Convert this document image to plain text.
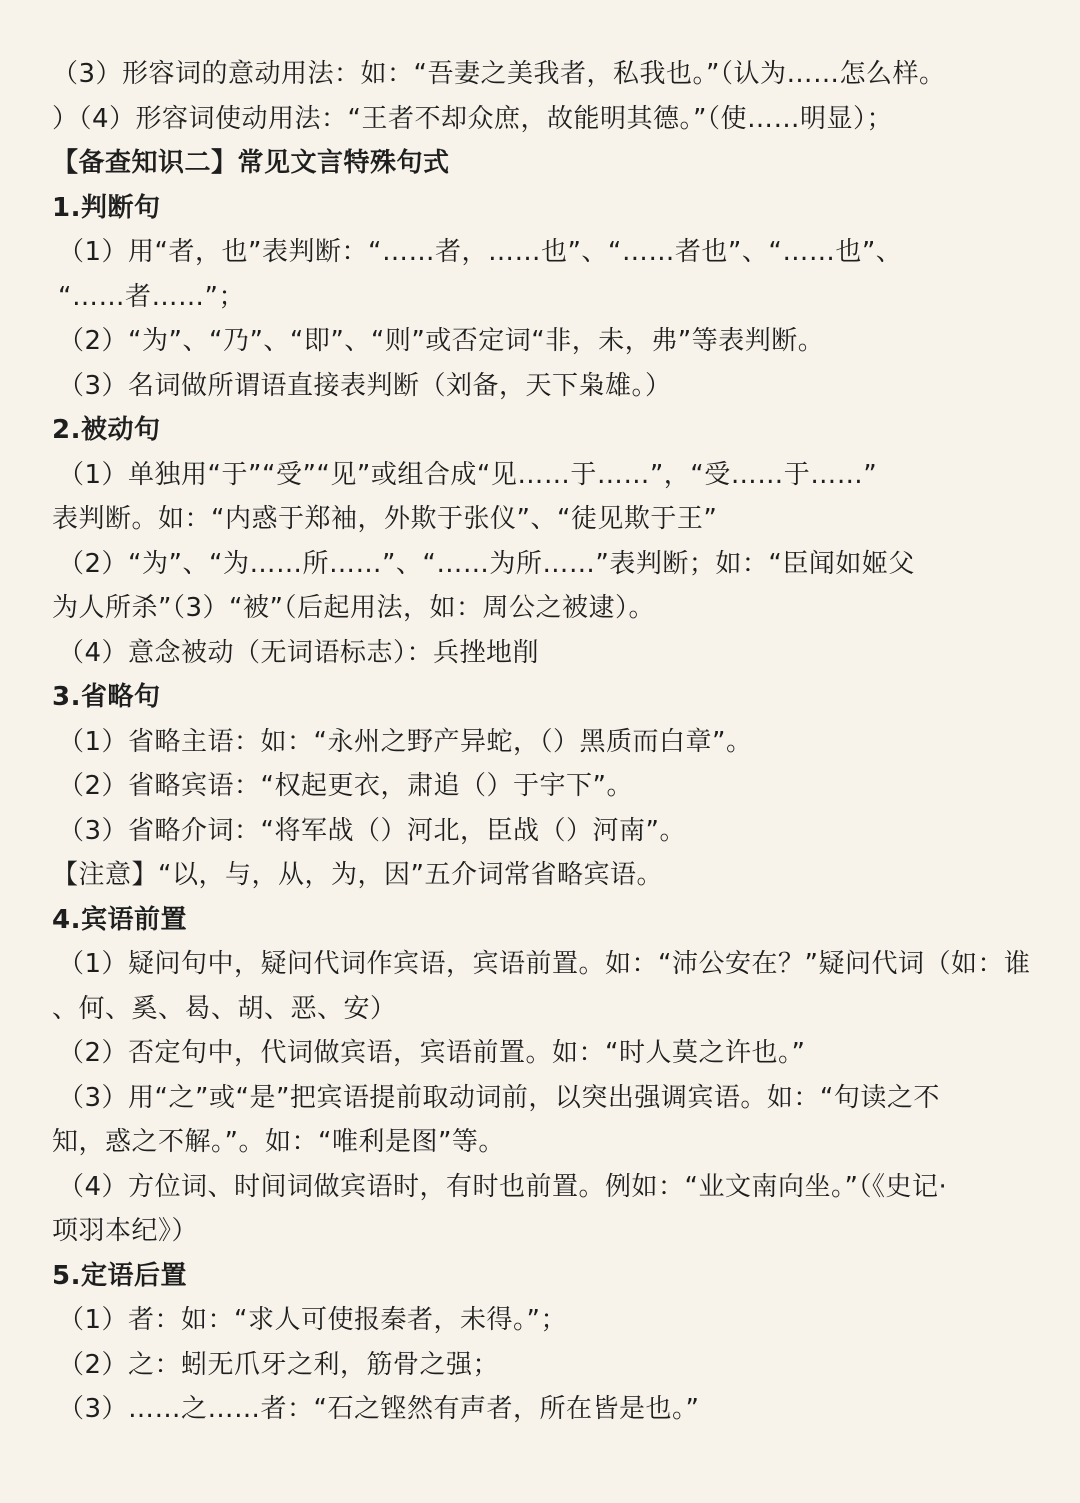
（3）形容词的意动用法：如：“吾妻之美我者，私我也。”（认为……怎么样。
）（4）形容词使动用法：“王者不却众庶，故能明其德。”（使……明显）；
【备查知识二】常见文言特殊句式
1.判断句
（1）用“者，也”表判断：“……者，……也”、“……者也”、“……也”、
“……者……”；
（2）“为”、“乃”、“即”、“则”或否定词“非，未，弗”等表判断。
（3）名词做所谓语直接表判断（刘备，天下枭雄。）
2.被动句
（1）单独用“于”“受”“见”或组合成“见……于……”，“受……于……”
表判断。如：“内惑于郑袖，外欺于张仪”、“徒见欺于王”
（2）“为”、“为……所……”、“……为所……”表判断；如：“臣闻如姬父
为人所杀”（3）“被”（后起用法，如：周公之被逮）。
（4）意念被动（无词语标志）：兵挫地削
3.省略句
（1）省略主语：如：“永州之野产异蛇，（）黑质而白章”。
（2）省略宾语：“权起更衣，肃追（）于宇下”。
（3）省略介词：“将军战（）河北，臣战（）河南”。
【注意】“以，与，从，为，因”五介词常省略宾语。
4.宾语前置
（1）疑问句中，疑问代词作宾语，宾语前置。如：“沛公安在？”疑问代词（如：谁
、何、奚、曷、胡、恶、安）
（2）否定句中，代词做宾语，宾语前置。如：“时人莫之许也。”
（3）用“之”或“是”把宾语提前取动词前，以突出强调宾语。如：“句读之不
知，惑之不解。”。如：“唯利是图”等。
（4）方位词、时间词做宾语时，有时也前置。例如：“业文南向坐。”（《史记·
项羽本纪》）
5.定语后置
（1）者：如：“求人可使报秦者，未得。”；
（2）之：蚓无爪牙之利，筋骨之强；
（3）……之……者：“石之铿然有声者，所在皆是也。”
